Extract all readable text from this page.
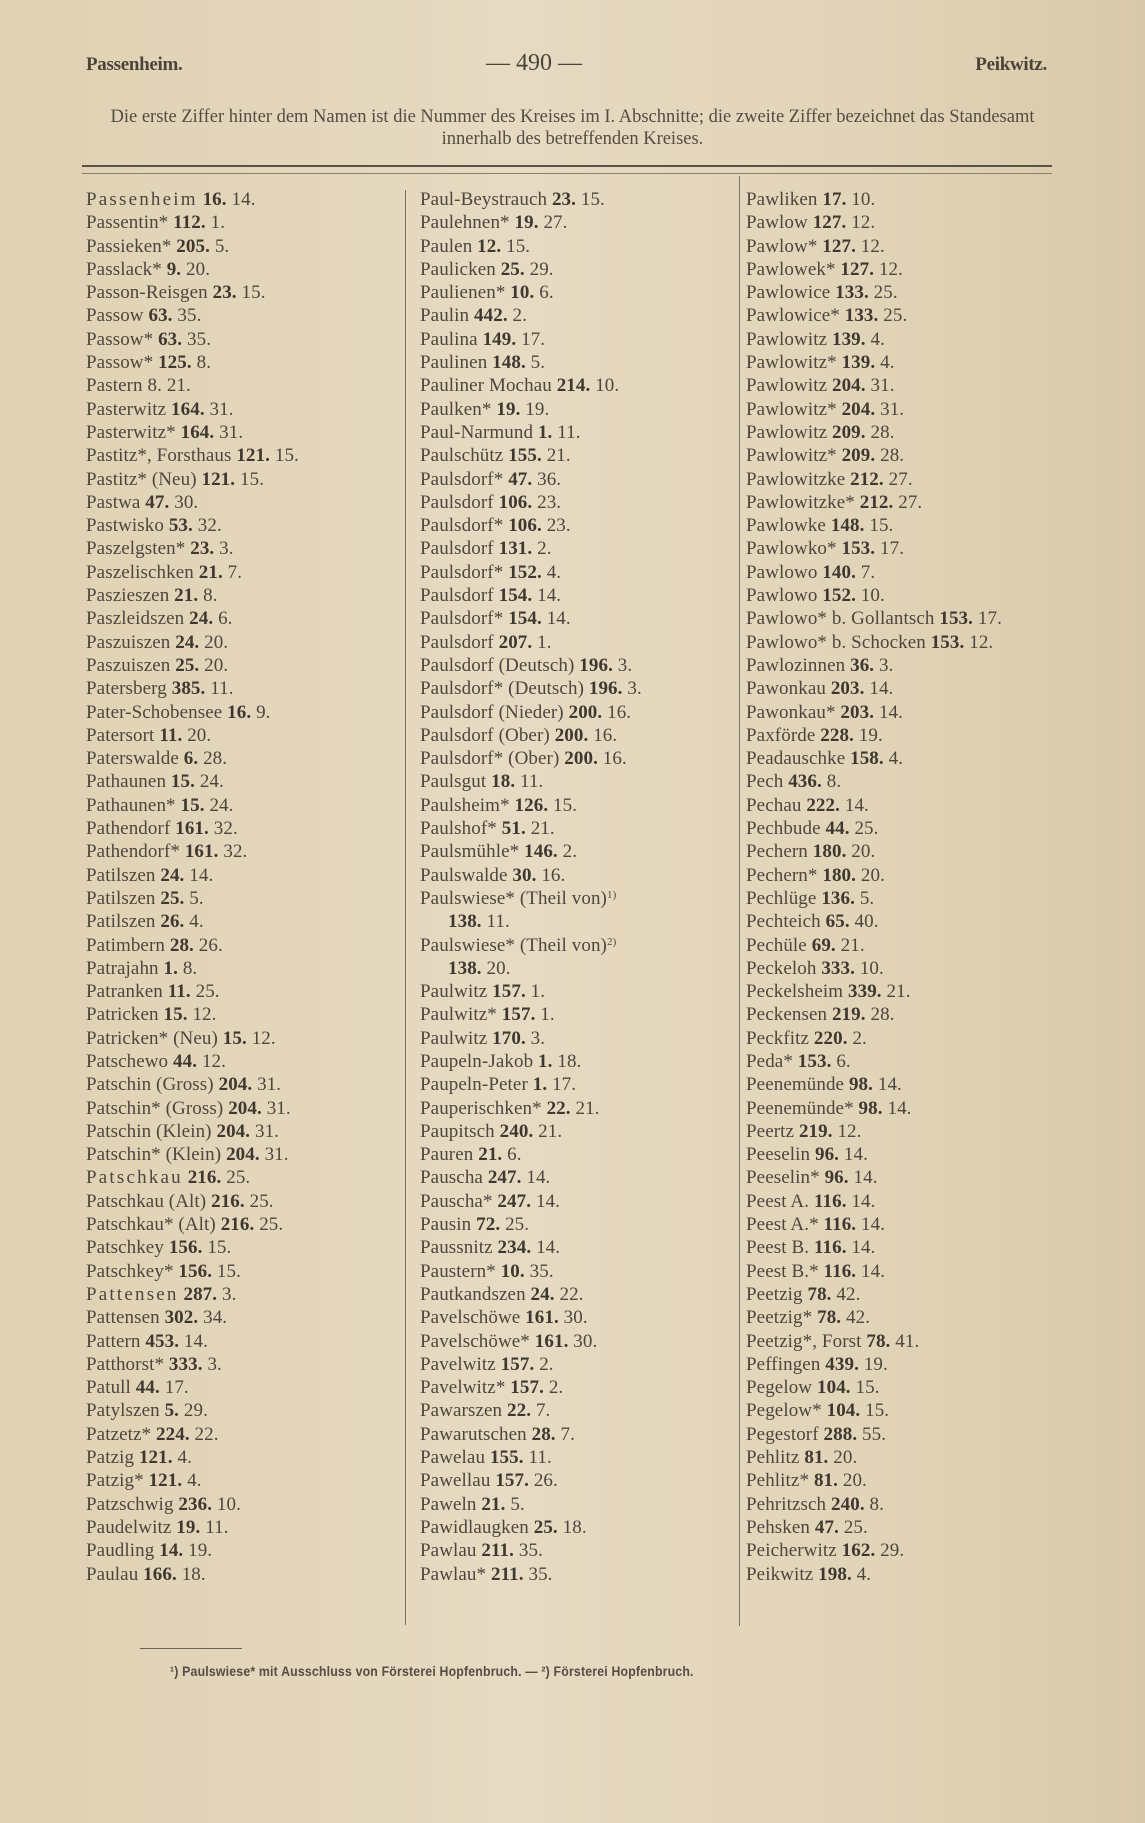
Passenheim.	— 490 —	Peikwitz.
Die erste Ziffer hinter dem Namen ist die Nummer des Kreises im I. Abschnitte; die zweite Ziffer bezeichnet das Standesamt innerhalb des betreffenden Kreises.
Passenheim 16. 14.
Passentin* 112. 1.
Passieken* 205. 5.
Passlack* 9. 20.
Passon-Reisgen 23. 15.
Passow 63. 35.
Passow* 63. 35.
Passow* 125. 8.
Pastern 8. 21.
Pasterwitz 164. 31.
Pasterwitz* 164. 31.
Pastitz*, Forsthaus 121. 15.
Pastitz* (Neu) 121. 15.
Pastwa 47. 30.
Pastwisko 53. 32.
Paszelgsten* 23. 3.
Paszelischken 21. 7.
Paszieszen 21. 8.
Paszleidszen 24. 6.
Paszuiszen 24. 20.
Paszuiszen 25. 20.
Patersberg 385. 11.
Pater-Schobensee 16. 9.
Patersort 11. 20.
Paterswalde 6. 28.
Pathaunen 15. 24.
Pathaunen* 15. 24.
Pathendorf 161. 32.
Pathendorf* 161. 32.
Patilszen 24. 14.
Patilszen 25. 5.
Patilszen 26. 4.
Patimbern 28. 26.
Patrajahn 1. 8.
Patranken 11. 25.
Patricken 15. 12.
Patricken* (Neu) 15. 12.
Patschewo 44. 12.
Patschin (Gross) 204. 31.
Patschin* (Gross) 204. 31.
Patschin (Klein) 204. 31.
Patschin* (Klein) 204. 31.
Patschkau 216. 25.
Patschkau (Alt) 216. 25.
Patschkau* (Alt) 216. 25.
Patschkey 156. 15.
Patschkey* 156. 15.
Pattensen 287. 3.
Pattensen 302. 34.
Pattern 453. 14.
Patthorst* 333. 3.
Patull 44. 17.
Patylszen 5. 29.
Patzetz* 224. 22.
Patzig 121. 4.
Patzig* 121. 4.
Patzschwig 236. 10.
Paudelwitz 19. 11.
Paudling 14. 19.
Paulau 166. 18.
Paul-Beystrauch 23. 15.
Paulehnen* 19. 27.
Paulen 12. 15.
Paulicken 25. 29.
Paulienen* 10. 6.
Paulin 442. 2.
Paulina 149. 17.
Paulinen 148. 5.
Pauliner Mochau 214. 10.
Paulken* 19. 19.
Paul-Narmund 1. 11.
Paulschütz 155. 21.
Paulsdorf* 47. 36.
Paulsdorf 106. 23.
Paulsdorf* 106. 23.
Paulsdorf 131. 2.
Paulsdorf* 152. 4.
Paulsdorf 154. 14.
Paulsdorf* 154. 14.
Paulsdorf 207. 1.
Paulsdorf (Deutsch) 196. 3.
Paulsdorf* (Deutsch) 196. 3.
Paulsdorf (Nieder) 200. 16.
Paulsdorf (Ober) 200. 16.
Paulsdorf* (Ober) 200. 16.
Paulsgut 18. 11.
Paulsheim* 126. 15.
Paulshof* 51. 21.
Paulsmühle* 146. 2.
Paulswalde 30. 16.
Paulswiese* (Theil von)$^{1)}$
138. 11.
Paulswiese* (Theil von)$^{2)}$
138. 20.
Paulwitz 157. 1.
Paulwitz* 157. 1.
Paulwitz 170. 3.
Paupeln-Jakob 1. 18.
Paupeln-Peter 1. 17.
Pauperischken* 22. 21.
Paupitsch 240. 21.
Pauren 21. 6.
Pauscha 247. 14.
Pauscha* 247. 14.
Pausin 72. 25.
Paussnitz 234. 14.
Paustern* 10. 35.
Pautkandszen 24. 22.
Pavelschöwe 161. 30.
Pavelschöwe* 161. 30.
Pavelwitz 157. 2.
Pavelwitz* 157. 2.
Pawarszen 22. 7.
Pawarutschen 28. 7.
Pawelau 155. 11.
Pawellau 157. 26.
Paweln 21. 5.
Pawidlaugken 25. 18.
Pawlau 211. 35.
Pawlau* 211. 35.
Pawliken 17. 10.
Pawlow 127. 12.
Pawlow* 127. 12.
Pawlowek* 127. 12.
Pawlowice 133. 25.
Pawlowice* 133. 25.
Pawlowitz 139. 4.
Pawlowitz* 139. 4.
Pawlowitz 204. 31.
Pawlowitz* 204. 31.
Pawlowitz 209. 28.
Pawlowitz* 209. 28.
Pawlowitzke 212. 27.
Pawlowitzke* 212. 27.
Pawlowke 148. 15.
Pawlowko* 153. 17.
Pawlowo 140. 7.
Pawlowo 152. 10.
Pawlowo* b. Gollantsch 153. 17.
Pawlowo* b. Schocken 153. 12.
Pawlozinnen 36. 3.
Pawonkau 203. 14.
Pawonkau* 203. 14.
Paxförde 228. 19.
Peadauschke 158. 4.
Pech 436. 8.
Pechau 222. 14.
Pechbude 44. 25.
Pechern 180. 20.
Pechern* 180. 20.
Pechlüge 136. 5.
Pechteich 65. 40.
Pechüle 69. 21.
Peckeloh 333. 10.
Peckelsheim 339. 21.
Peckensen 219. 28.
Peckfitz 220. 2.
Peda* 153. 6.
Peenemünde 98. 14.
Peenemünde* 98. 14.
Peertz 219. 12.
Peeselin 96. 14.
Peeselin* 96. 14.
Peest A. 116. 14.
Peest A.* 116. 14.
Peest B. 116. 14.
Peest B.* 116. 14.
Peetzig 78. 42.
Peetzig* 78. 42.
Peetzig*, Forst 78. 41.
Peffingen 439. 19.
Pegelow 104. 15.
Pegelow* 104. 15.
Pegestorf 288. 55.
Pehlitz 81. 20.
Pehlitz* 81. 20.
Pehritzsch 240. 8.
Pehsken 47. 25.
Peicherwitz 162. 29.
Peikwitz 198. 4.
¹) Paulswiese* mit Ausschluss von Försterei Hopfenbruch. — ²) Försterei Hopfenbruch.
